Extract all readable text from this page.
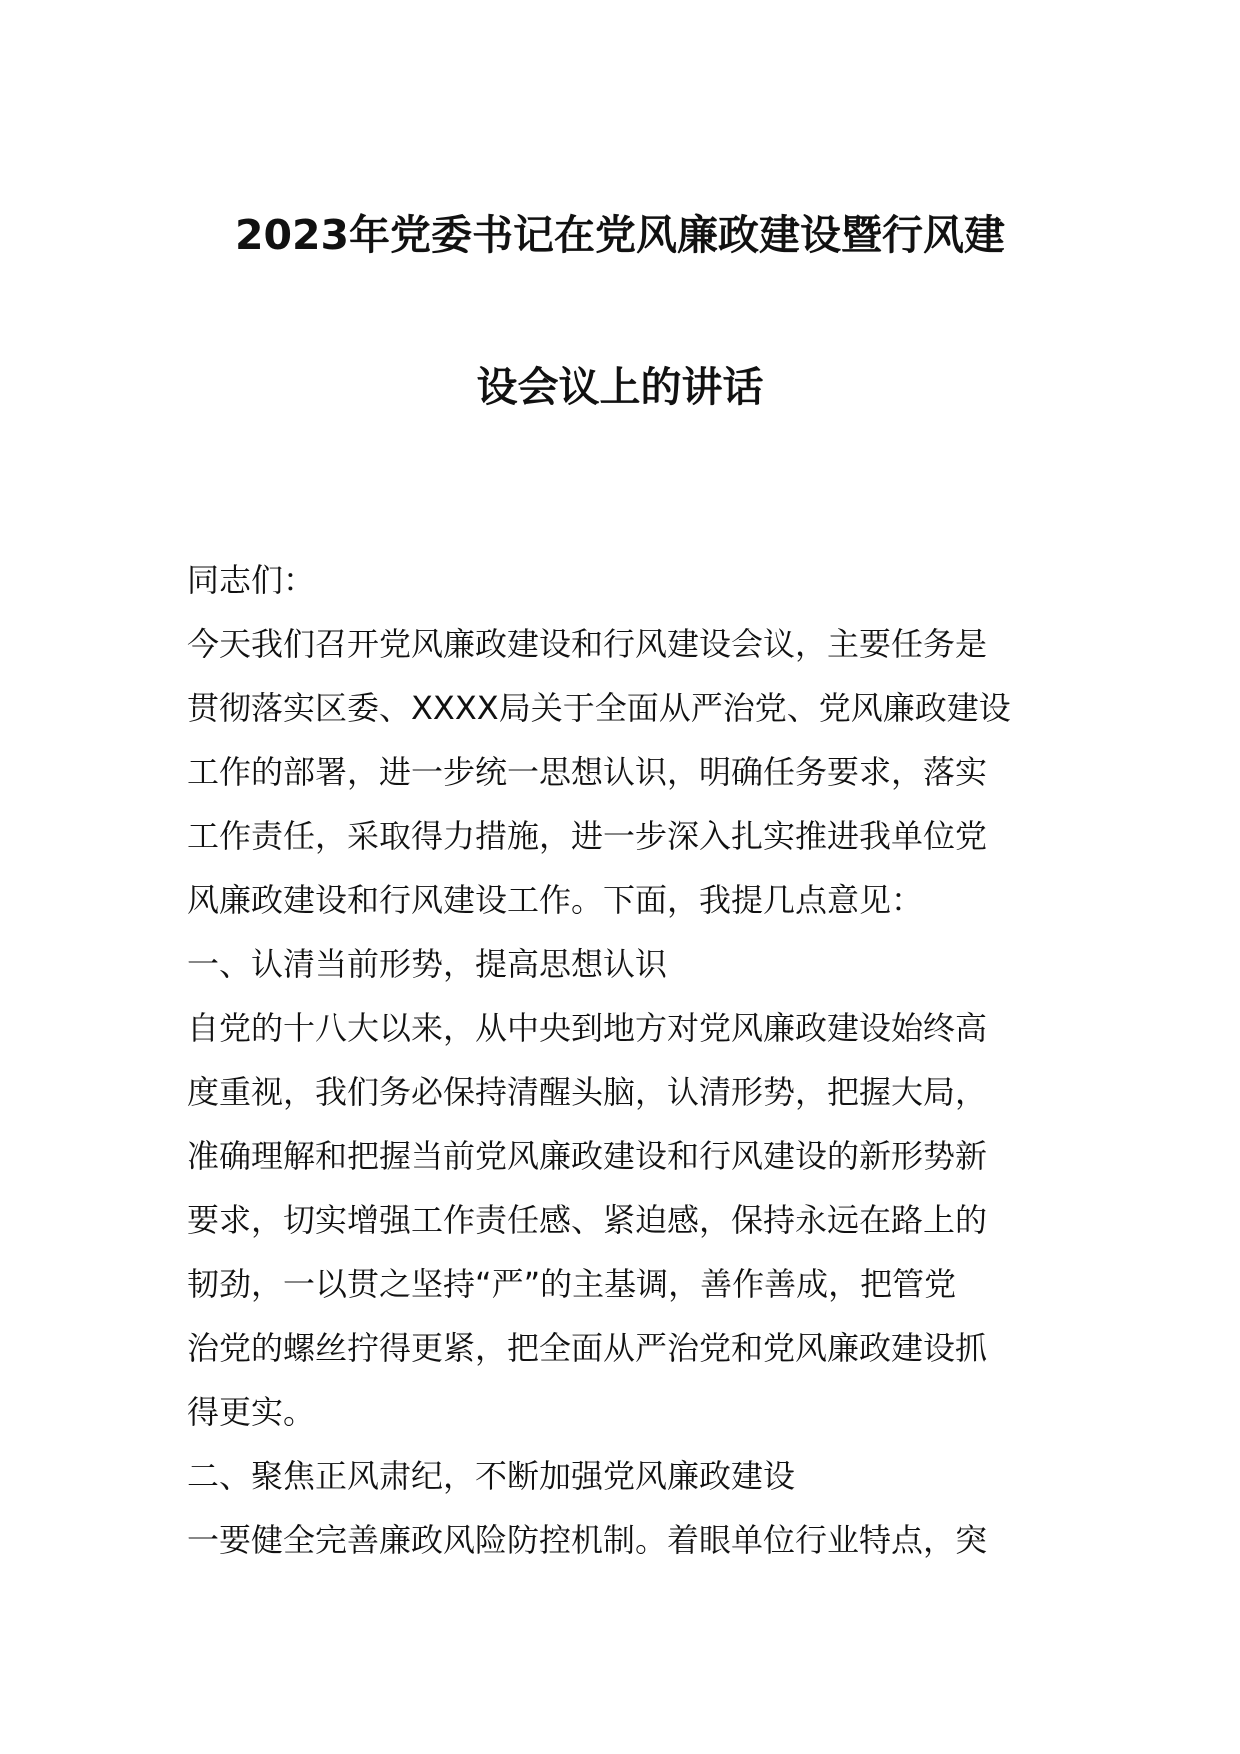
2023年党委书记在党风廉政建设暨行风建
设会议上的讲话
同志们：
今天我们召开党风廉政建设和行风建设会议，主要任务是
贯彻落实区委、XXXX局关于全面从严治党、党风廉政建设
工作的部署，进一步统一思想认识，明确任务要求，落实
工作责任，采取得力措施，进一步深入扎实推进我单位党
风廉政建设和行风建设工作。下面，我提几点意见：
一、认清当前形势，提高思想认识
自党的十八大以来，从中央到地方对党风廉政建设始终高
度重视，我们务必保持清醒头脑，认清形势，把握大局，
准确理解和把握当前党风廉政建设和行风建设的新形势新
要求，切实增强工作责任感、紧迫感，保持永远在路上的
韧劲，一以贯之坚持“严”的主基调，善作善成，把管党
治党的螺丝拧得更紧，把全面从严治党和党风廉政建设抓
得更实。
二、聚焦正风肃纪，不断加强党风廉政建设
一要健全完善廉政风险防控机制。着眼单位行业特点，突
